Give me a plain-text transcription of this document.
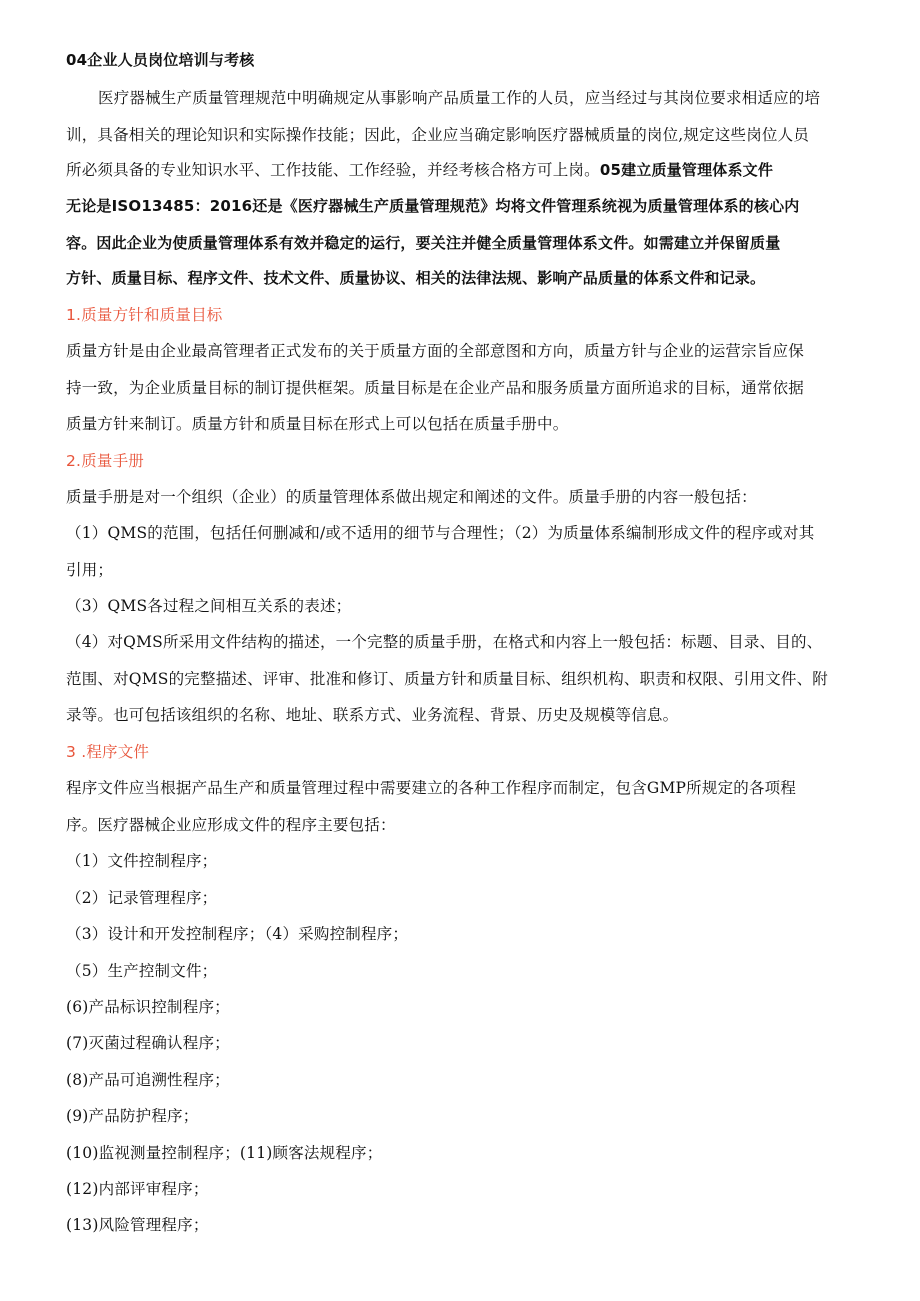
04企业人员岗位培训与考核
医疗器械生产质量管理规范中明确规定从事影响产品质量工作的人员，应当经过与其岗位要求相适应的培
训，具备相关的理论知识和实际操作技能；因此，企业应当确定影响医疗器械质量的岗位,规定这些岗位人员
所必须具备的专业知识水平、工作技能、工作经验，并经考核合格方可上岗。05建立质量管理体系文件
无论是ISO13485：2016还是《医疗器械生产质量管理规范》均将文件管理系统视为质量管理体系的核心内
容。因此企业为使质量管理体系有效并稳定的运行，要关注并健全质量管理体系文件。如需建立并保留质量
方针、质量目标、程序文件、技术文件、质量协议、相关的法律法规、影响产品质量的体系文件和记录。
1.质量方针和质量目标
质量方针是由企业最高管理者正式发布的关于质量方面的全部意图和方向，质量方针与企业的运营宗旨应保
持一致，为企业质量目标的制订提供框架。质量目标是在企业产品和服务质量方面所追求的目标，通常依据
质量方针来制订。质量方针和质量目标在形式上可以包括在质量手册中。
2.质量手册
质量手册是对一个组织（企业）的质量管理体系做出规定和阐述的文件。质量手册的内容一般包括：
（1）QMS的范围，包括任何删减和/或不适用的细节与合理性；（2）为质量体系编制形成文件的程序或对其
引用；
（3）QMS各过程之间相互关系的表述；
（4）对QMS所采用文件结构的描述，一个完整的质量手册，在格式和内容上一般包括：标题、目录、目的、
范围、对QMS的完整描述、评审、批准和修订、质量方针和质量目标、组织机构、职责和权限、引用文件、附
录等。也可包括该组织的名称、地址、联系方式、业务流程、背景、历史及规模等信息。
3 .程序文件
程序文件应当根据产品生产和质量管理过程中需要建立的各种工作程序而制定，包含GMP所规定的各项程
序。医疗器械企业应形成文件的程序主要包括：
（1）文件控制程序；
（2）记录管理程序；
（3）设计和开发控制程序；（4）采购控制程序；
（5）生产控制文件；
(6)产品标识控制程序；
(7)灭菌过程确认程序；
(8)产品可追溯性程序；
(9)产品防护程序；
(10)监视测量控制程序；(11)顾客法规程序；
(12)内部评审程序；
(13)风险管理程序；
